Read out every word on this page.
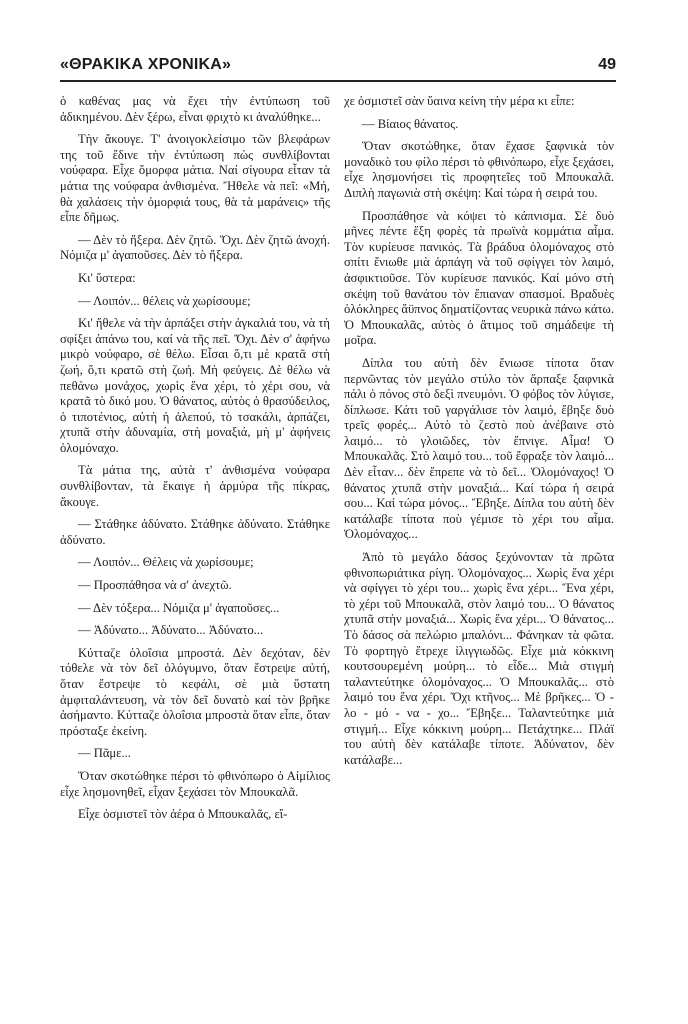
«ΘΡΑΚΙΚΑ ΧΡΟΝΙΚΑ»	49

ὁ καθένας μας νὰ ἔχει τὴν ἐντύπωση τοῦ ἀδικημένου. Δὲν ξέρω, εἶναι φριχτὸ κι ἀναλύθηκε...

Τὴν ἄκουγε. Τ' ἀνοιγοκλείσιμο τῶν βλεφάρων της τοῦ ἔδινε τὴν ἐντύπωση πὼς συνθλίβονται νούφαρα. Εἶχε ὄμορφα μάτια. Ναί σίγουρα εἶταν τὰ μάτια της νούφαρα ἀνθισμένα. Ἤθελε νὰ πεῖ: «Μή, θὰ χαλάσεις τὴν ὀμορφιά τους, θὰ τὰ μαράνεις» τῆς εἶπε δῆμως.

— Δὲν τὸ ἤξερα. Δὲν ζητῶ. Ὄχι. Δὲν ζητῶ ἀνοχή. Νόμιζα μ' ἀγαποῦσες. Δὲν τὸ ἤξερα.

Κι' ὕστερα:

— Λοιπόν... θέλεις νὰ χωρίσουμε;

Κι' ἤθελε νὰ τὴν ἁρπάξει στὴν ἀγκαλιά του, νὰ τὴ σφίξει ἀπάνω του, καί νὰ τῆς πεῖ. Ὄχι. Δὲν σ' ἀφήνω μικρὸ νούφαρο, σὲ θέλω. Εἶσαι ὅ,τι μὲ κρατᾶ στὴ ζωή, ὅ,τι κρατῶ στὴ ζωή. Μὴ φεύγεις. Δὲ θέλω νὰ πεθάνω μονάχος, χωρὶς ἕνα χέρι, τὸ χέρι σου, νὰ κρατᾶ τὸ δικό μου. Ὁ θάνατος, αὐτὸς ὁ θρασύδειλος, ὁ τιποτένιος, αὐτὴ ἡ ἀλεπού, τὸ τσακάλι, ἁρπάζει, χτυπᾶ στὴν ἀδυναμία, στὴ μοναξιά, μὴ μ' ἀφήνεις ὁλομόναχο.

Τὰ μάτια της, αὐτὰ τ' ἀνθισμένα νούφαρα συνθλίβονταν, τὰ ἔκαιγε ἡ ἁρμύρα τῆς πίκρας, ἄκουγε.

— Στάθηκε ἀδύνατο. Στάθηκε ἀδύνατο. Στάθηκε ἀδύνατο.

— Λοιπόν... Θέλεις νὰ χωρίσουμε;

— Προσπάθησα νὰ σ' ἀνεχτῶ.

— Δὲν τόξερα... Νόμιζα μ' ἀγαποῦσες...

— Ἀδύνατο... Ἀδύνατο... Ἀδύνατο...

Κύτταζε ὁλοΐσια μπροστά. Δὲν δεχόταν, δὲν τόθελε νὰ τὸν δεῖ ὀλόγυμνο, ὅταν ἔστρεψε αὐτή, ὅταν ἔστρεψε τὸ κεφάλι, σὲ μιὰ ὕστατη ἀμφιταλάντευση, νὰ τὸν δεῖ δυνατὸ καί τὸν βρῆκε ἀσήμαντο. Κύτταζε ὁλοΐσια μπροστὰ ὅταν εἶπε, ὅταν πρόσταξε ἐκείνη.

— Πᾶμε...

Ὅταν σκοτώθηκε πέρσι τὸ φθινόπωρο ὁ Αἰμίλιος εἶχε λησμονηθεῖ, εἶχαν ξεχάσει τὸν Μπουκαλᾶ.

Εἶχε ὀσμιστεῖ τὸν ἀέρα ὁ Μπουκαλᾶς, εἴ-

χε ὀσμιστεῖ σὰν ὕαινα κείνη τὴν μέρα κι εἶπε:

— Βίαιος θάνατος.

Ὅταν σκοτώθηκε, ὅταν ἔχασε ξαφνικὰ τὸν μοναδικὸ του φίλο πέρσι τὸ φθινόπωρο, εἶχε ξεχάσει, εἶχε λησμονήσει τὶς προφητεῖες τοῦ Μπουκαλᾶ. Διπλὴ παγωνιὰ στὴ σκέψη: Καί τώρα ἡ σειρά του.

Προσπάθησε νὰ κόψει τὸ κάπνισμα. Σὲ δυὸ μῆνες πέντε ἕξη φορὲς τὰ πρωϊνὰ κομμάτια αἷμα. Τὸν κυρίευσε πανικός. Τὰ βράδυα ὁλομόναχος στὸ σπίτι ἔνιωθε μιὰ ἁρπάγη νὰ τοῦ σφίγγει τὸν λαιμό, ἀσφικτιοῦσε. Τὸν κυρίευσε πανικός. Καί μόνο στὴ σκέψη τοῦ θανάτου τὸν ἔπιαναν σπασμοί. Βραδυὲς ὁλόκληρες ἄϋπνος δηματίζοντας νευρικὰ πάνω κάτω. Ὁ Μπουκαλᾶς, αὐτὸς ὁ ἄτιμος τοῦ σημάδεψε τὴ μοῖρα.

Δίπλα του αὐτὴ δὲν ἔνιωσε τίποτα ὅταν περνῶντας τὸν μεγάλο στύλο τὸν ἅρπαξε ξαφνικὰ πάλι ὁ πόνος στὸ δεξὶ πνευμόνι. Ὁ φόβος τὸν λύγισε, δίπλωσε. Κάτι τοῦ γαργάλισε τὸν λαιμό, ἔβηξε δυὸ τρεῖς φορές... Αὐτὸ τὸ ζεστὸ ποὺ ἀνέβαινε στὸ λαιμό... τὸ γλοιῶδες, τὸν ἔπνιγε. Αἷμα! Ὁ Μπουκαλᾶς. Στὸ λαιμό του... τοῦ ἔφραξε τὸν λαιμό... Δὲν εἶταν... δὲν ἔπρεπε νὰ τὸ δεῖ... Ὁλομόναχος! Ὁ θάνατος χτυπᾶ στὴν μοναξιά... Καί τώρα ἡ σειρά σου... Καί τώρα μόνος... Ἔβηξε. Δίπλα του αὐτὴ δὲν κατάλαβε τίποτα ποὺ γέμισε τὸ χέρι του αἷμα. Ὁλομόναχος...

Ἀπὸ τὸ μεγάλο δάσος ξεχύνονταν τὰ πρῶτα φθινοπωριάτικα ρίγη. Ὁλομόναχος... Χωρὶς ἕνα χέρι νὰ σφίγγει τὸ χέρι του... χωρὶς ἕνα χέρι... Ἕνα χέρι, τὸ χέρι τοῦ Μπουκαλᾶ, στὸν λαιμό του... Ὁ θάνατος χτυπᾶ στὴν μοναξιά... Χωρὶς ἕνα χέρι... Ὁ θάνατος... Τὸ δάσος σὰ πελώριο μπαλόνι... Φάνηκαν τὰ φῶτα. Τὸ φορτηγὸ ἔτρεχε ἰλιγγιωδῶς. Εἶχε μιὰ κόκκινη κουτσουρεμένη μούρη... τὸ εἶδε... Μιὰ στιγμὴ ταλαντεύτηκε ὁλομόναχος... Ὁ Μπουκαλᾶς... στὸ λαιμό του ἕνα χέρι. Ὄχι κτῆνος... Μὲ βρῆκες... Ὁ - λο - μό - να - χο... Ἔβηξε... Ταλαντεύτηκε μιὰ στιγμή... Εἶχε κόκκινη μούρη... Πετάχτηκε... Πλάϊ του αὐτὴ δὲν κατάλαβε τίποτε. Ἀδύνατον, δὲν κατάλαβε...
